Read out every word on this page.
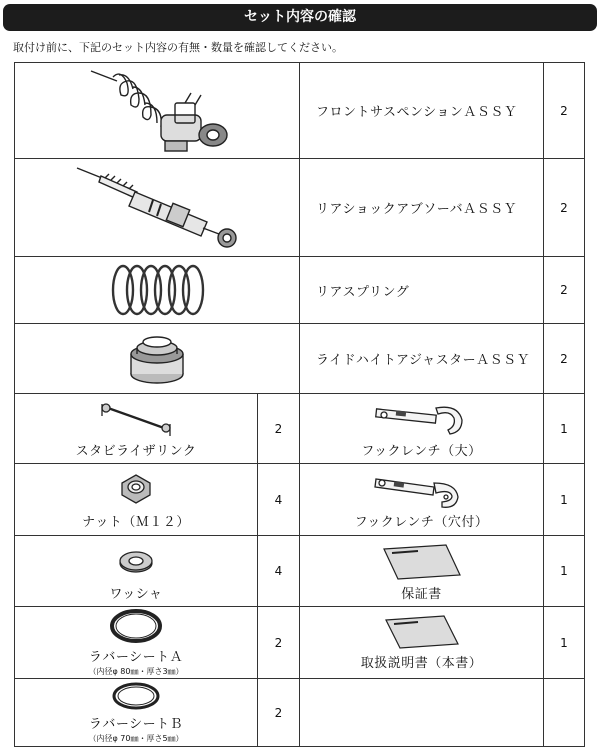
セット内容の確認
取付け前に、下記のセット内容の有無・数量を確認してください。
	フロントサスペンションＡＳＳＹ	2

	リアショックアブソーバＡＳＳＹ	2

	リアスプリング	2

	ライドハイトアジャスターＡＳＳＹ	2

スタビライザリンク	2	フックレンチ（大）	1

ナット（Ｍ１２）	4	フックレンチ（穴付）	1

ワッシャ	4	保証書	1

ラバーシートＡ
（内径φ 80㎜・厚さ3㎜）	2	取扱説明書（本書）	1

ラバーシートＢ
（内径φ 70㎜・厚さ5㎜）	2		
